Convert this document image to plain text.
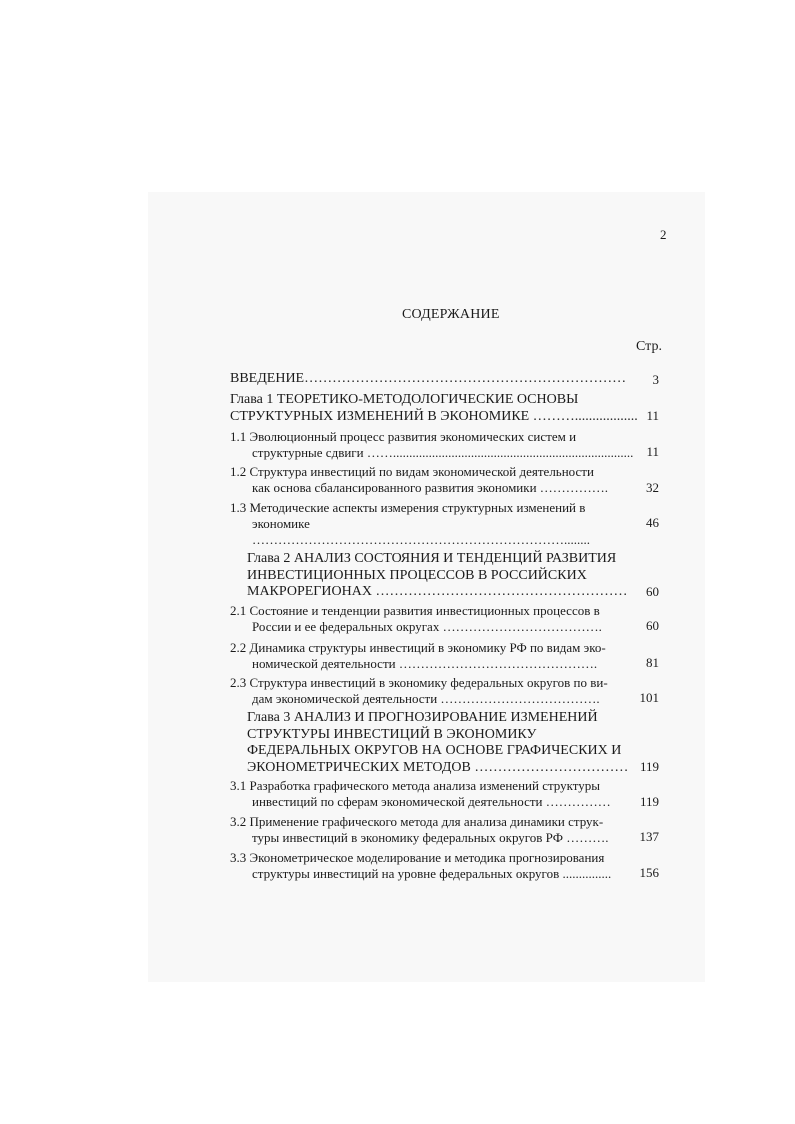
2
СОДЕРЖАНИЕ
Стр.
ВВЕДЕНИЕ……………………………………………………………	3
Глава 1 ТЕОРЕТИКО-МЕТОДОЛОГИЧЕСКИЕ ОСНОВЫ
СТРУКТУРНЫХ ИЗМЕНЕНИЙ В ЭКОНОМИКЕ ……….................. 11
1.1 Эволюционный процесс развития экономических систем и
структурные сдвиги ……..........................................................................	11
1.2 Структура инвестиций по видам экономической деятельности
как основа сбалансированного развития экономики …………….	32
1.3 Методические аспекты измерения структурных изменений в
экономике
………………………………………………………………........
46
Глава 2 АНАЛИЗ СОСТОЯНИЯ И ТЕНДЕНЦИЙ РАЗВИТИЯ
ИНВЕСТИЦИОННЫХ ПРОЦЕССОВ В РОССИЙСКИХ
МАКРОРЕГИОНАХ ………………………………………………	60
2.1 Состояние и тенденции развития инвестиционных процессов в
России и ее федеральных округах ……………………………….	60
2.2 Динамика структуры инвестиций в экономику РФ по видам эко-
номической деятельности ……………………………………….	81
2.3 Структура инвестиций в экономику федеральных округов по ви-
дам экономической деятельности ……………………………….	101
Глава 3 АНАЛИЗ И ПРОГНОЗИРОВАНИЕ ИЗМЕНЕНИЙ
СТРУКТУРЫ ИНВЕСТИЦИЙ В ЭКОНОМИКУ
ФЕДЕРАЛЬНЫХ ОКРУГОВ НА ОСНОВЕ ГРАФИЧЕСКИХ И
ЭКОНОМЕТРИЧЕСКИХ МЕТОДОВ …………………………… 119
3.1 Разработка графического метода анализа изменений структуры
инвестиций по сферам экономической деятельности ……………	119
3.2 Применение графического метода для анализа динамики струк-
туры инвестиций в экономику федеральных округов РФ ……….	137
3.3 Эконометрическое моделирование и методика прогнозирования
структуры инвестиций на уровне федеральных округов ...............	156
